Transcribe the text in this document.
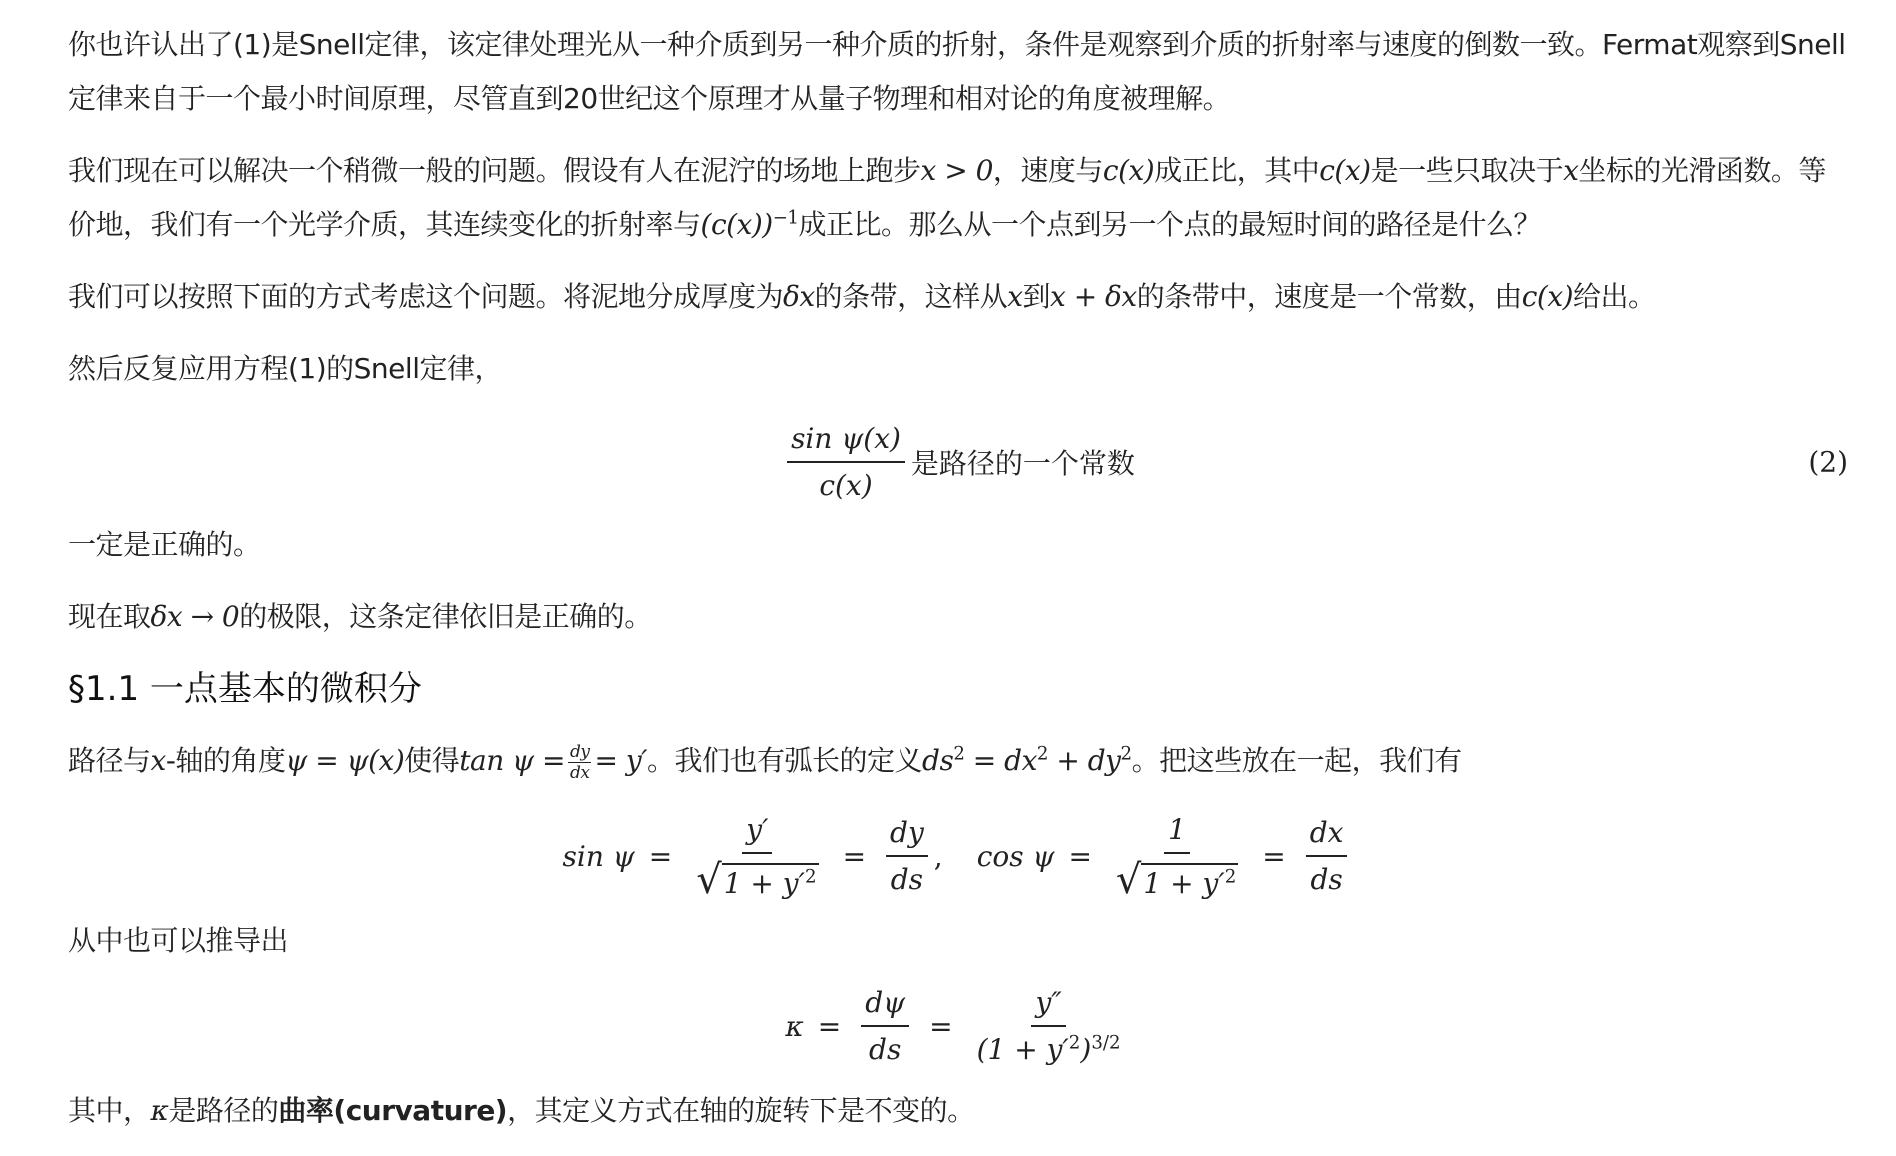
你也许认出了(1)是Snell定律，该定律处理光从一种介质到另一种介质的折射，条件是观察到介质的折射率与速度的倒数一致。Fermat观察到Snell定律来自于一个最小时间原理，尽管直到20世纪这个原理才从量子物理和相对论的角度被理解。

我们现在可以解决一个稍微一般的问题。假设有人在泥泞的场地上跑步x > 0，速度与c(x)成正比，其中c(x)是一些只取决于x坐标的光滑函数。等价地，我们有一个光学介质，其连续变化的折射率与$(c(x))^{-1}$成正比。那么从一个点到另一个点的最短时间的路径是什么？

我们可以按照下面的方式考虑这个问题。将泥地分成厚度为δx的条带，这样从x到x + δx的条带中，速度是一个常数，由c(x)给出。

然后反复应用方程(1)的Snell定律，

$\frac{\text{sin ψ(x)}}{c(x)}$ 是路径的一个常数	(2)

一定是正确的。

现在取δx → 0的极限，这条定律依旧是正确的。

§1.1 一点基本的微积分

路径与x-轴的角度ψ = ψ(x)使得$\tan \psi = \frac{dy}{dx} = y'$。我们也有弧长的定义$ds^2 = dx^2 + dy^2$。把这些放在一起，我们有

$\sin \psi = \frac{y'}{√ 1 + y'^2} = \frac{dy}{ds}$ , $\cos \psi = \frac{1}{√ 1 + y'^2} = \frac{dx}{ds}$

从中也可以推导出

$\kappa = \frac{d\psi}{ds} = \frac{y''}{(1 + y'^2)^{3/2}}$

其中，κ是路径的曲率(curvature)，其定义方式在轴的旋转下是不变的。
